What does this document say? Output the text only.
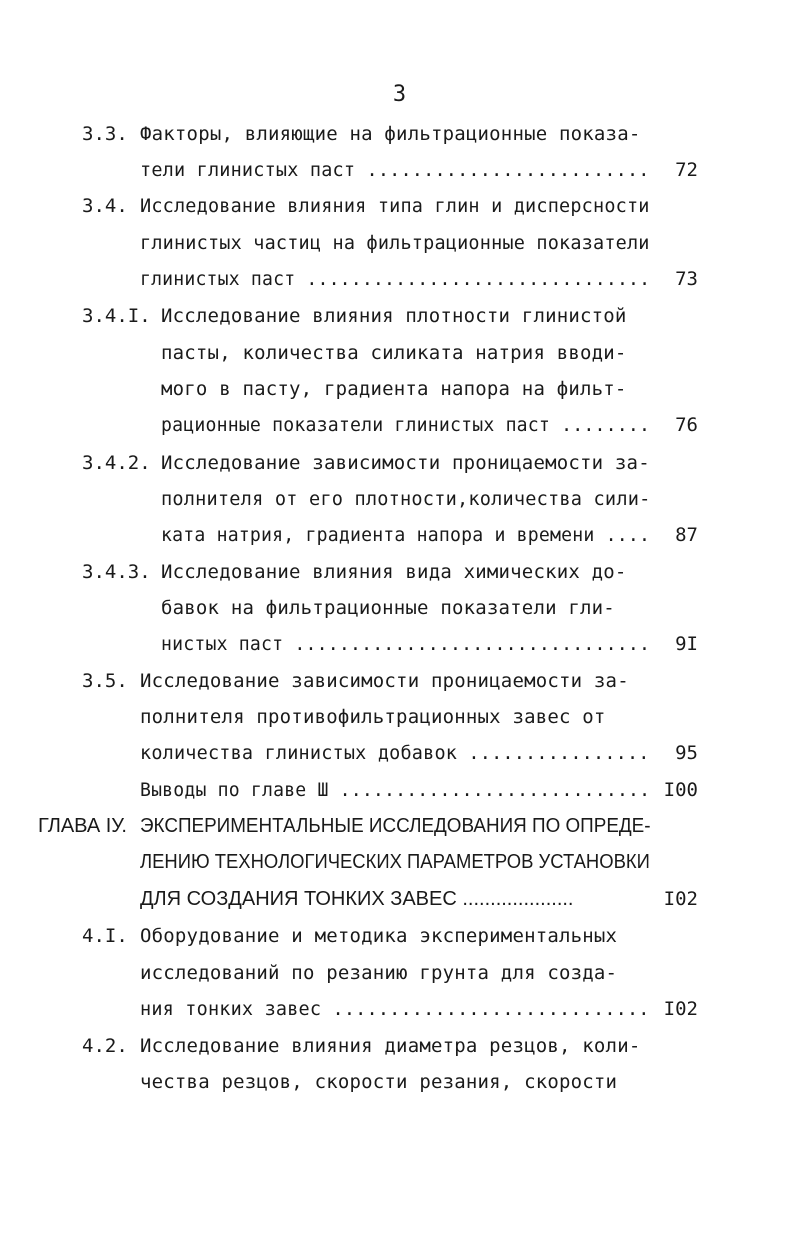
3
3.3. Факторы, влияющие на фильтрационные показа-
тели глинистых паст .........................	72
3.4. Исследование влияния типа глин и дисперсности
глинистых частиц на фильтрационные показатели
глинистых паст ...............................	73
3.4.I. Исследование влияния плотности глинистой
пасты, количества силиката натрия вводи-
мого в пасту, градиента напора на фильт-
рационные показатели глинистых паст ........	76
3.4.2. Исследование зависимости проницаемости за-
полнителя от его плотности,количества сили-
ката натрия, градиента напора и времени ....	87
3.4.3. Исследование влияния вида химических до-
бавок на фильтрационные показатели гли-
нистых паст ................................	9I
3.5. Исследование зависимости проницаемости за-
полнителя противофильтрационных завес от
количества глинистых добавок ................	95
Выводы по главе Ш ............................ I00
ГЛАВА IУ. ЭКСПЕРИМЕНТАЛЬНЫЕ ИССЛЕДОВАНИЯ ПО ОПРЕДЕ-
ЛЕНИЮ ТЕХНОЛОГИЧЕСКИХ ПАРАМЕТРОВ УСТАНОВКИ
ДЛЯ СОЗДАНИЯ ТОНКИХ ЗАВЕС ....................	I02
4.I. Оборудование и методика экспериментальных
исследований по резанию грунта для созда-
ния тонких завес ............................ I02
4.2. Исследование влияния диаметра резцов, коли-
чества резцов, скорости резания, скорости
